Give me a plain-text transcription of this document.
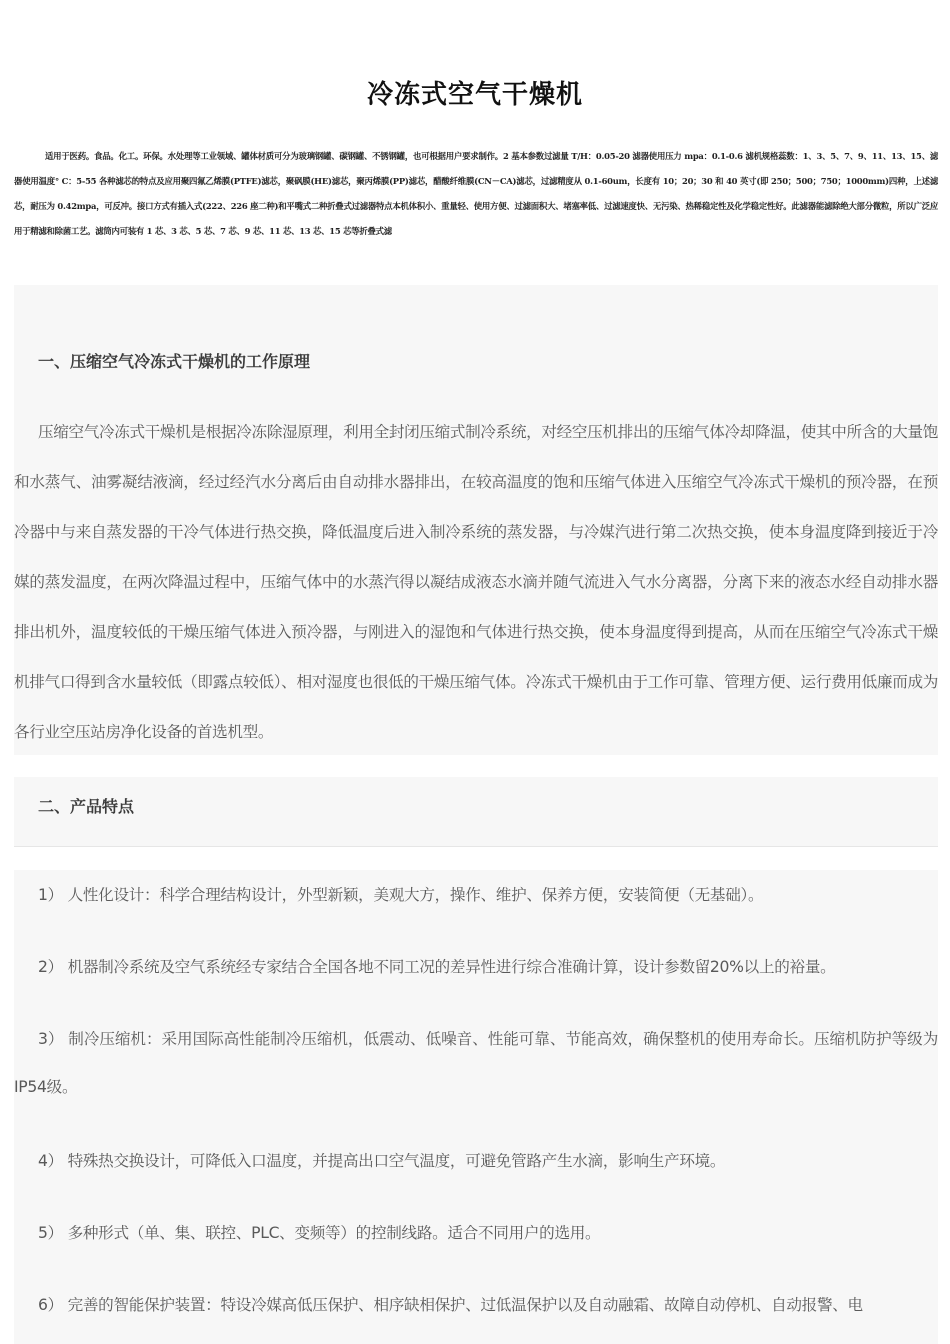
冷冻式空气干燥机

适用于医药。食品。化工。环保。水处理等工业领域、罐体材质可分为玻璃钢罐、碳钢罐、不锈钢罐，也可根据用户要求制作。2 基本参数过滤量 T/H：0.05-20 滤器使用压力 mpa：0.1-0.6 滤机规格蕊数：1、3、5、7、9、11、13、15、滤器使用温度° C：5-55 各种滤芯的特点及应用聚四氟乙烯膜(PTFE)滤芯，聚砜膜(HE)滤芯，聚丙烯膜(PP)滤芯，醋酸纤维膜(CN－CA)滤芯，过滤精度从 0.1-60um，长度有 10；20；30 和 40 英寸(即 250；500；750；1000mm)四种，上述滤芯，耐压为 0.42mpa，可反冲。接口方式有插入式(222、226 座二种)和平嘴式二种折叠式过滤器特点本机体积小、重量轻、使用方便、过滤面积大、堵塞率低、过滤速度快、无污染、热稀稳定性及化学稳定性好。此滤器能滤除绝大部分微粒，所以广泛应用于精滤和除菌工艺。滤筒内可装有 1 芯、3 芯、5 芯、7 芯、9 芯、11 芯、13 芯、15 芯等折叠式滤

一、压缩空气冷冻式干燥机的工作原理

压缩空气冷冻式干燥机是根据冷冻除湿原理，利用全封闭压缩式制冷系统，对经空压机排出的压缩气体冷却降温，使其中所含的大量饱和水蒸气、油雾凝结液滴，经过经汽水分离后由自动排水器排出，在较高温度的饱和压缩气体进入压缩空气冷冻式干燥机的预冷器，在预冷器中与来自蒸发器的干冷气体进行热交换，降低温度后进入制冷系统的蒸发器，与冷媒汽进行第二次热交换，使本身温度降到接近于冷媒的蒸发温度，在两次降温过程中，压缩气体中的水蒸汽得以凝结成液态水滴并随气流进入气水分离器，分离下来的液态水经自动排水器排出机外，温度较低的干燥压缩气体进入预冷器，与刚进入的湿饱和气体进行热交换，使本身温度得到提高，从而在压缩空气冷冻式干燥机排气口得到含水量较低（即露点较低）、相对湿度也很低的干燥压缩气体。冷冻式干燥机由于工作可靠、管理方便、运行费用低廉而成为各行业空压站房净化设备的首选机型。

二、产品特点

1） 人性化设计：科学合理结构设计，外型新颖，美观大方，操作、维护、保养方便，安装简便（无基础）。

2） 机器制冷系统及空气系统经专家结合全国各地不同工况的差异性进行综合准确计算，设计参数留20%以上的裕量。

3） 制冷压缩机：采用国际高性能制冷压缩机，低震动、低噪音、性能可靠、节能高效，确保整机的使用寿命长。压缩机防护等级为 IP54级。

4） 特殊热交换设计，可降低入口温度，并提高出口空气温度，可避免管路产生水滴，影响生产环境。

5） 多种形式（单、集、联控、PLC、变频等）的控制线路。适合不同用户的选用。

6） 完善的智能保护装置：特设冷媒高低压保护、相序缺相保护、过低温保护以及自动融霜、故障自动停机、自动报警、电
